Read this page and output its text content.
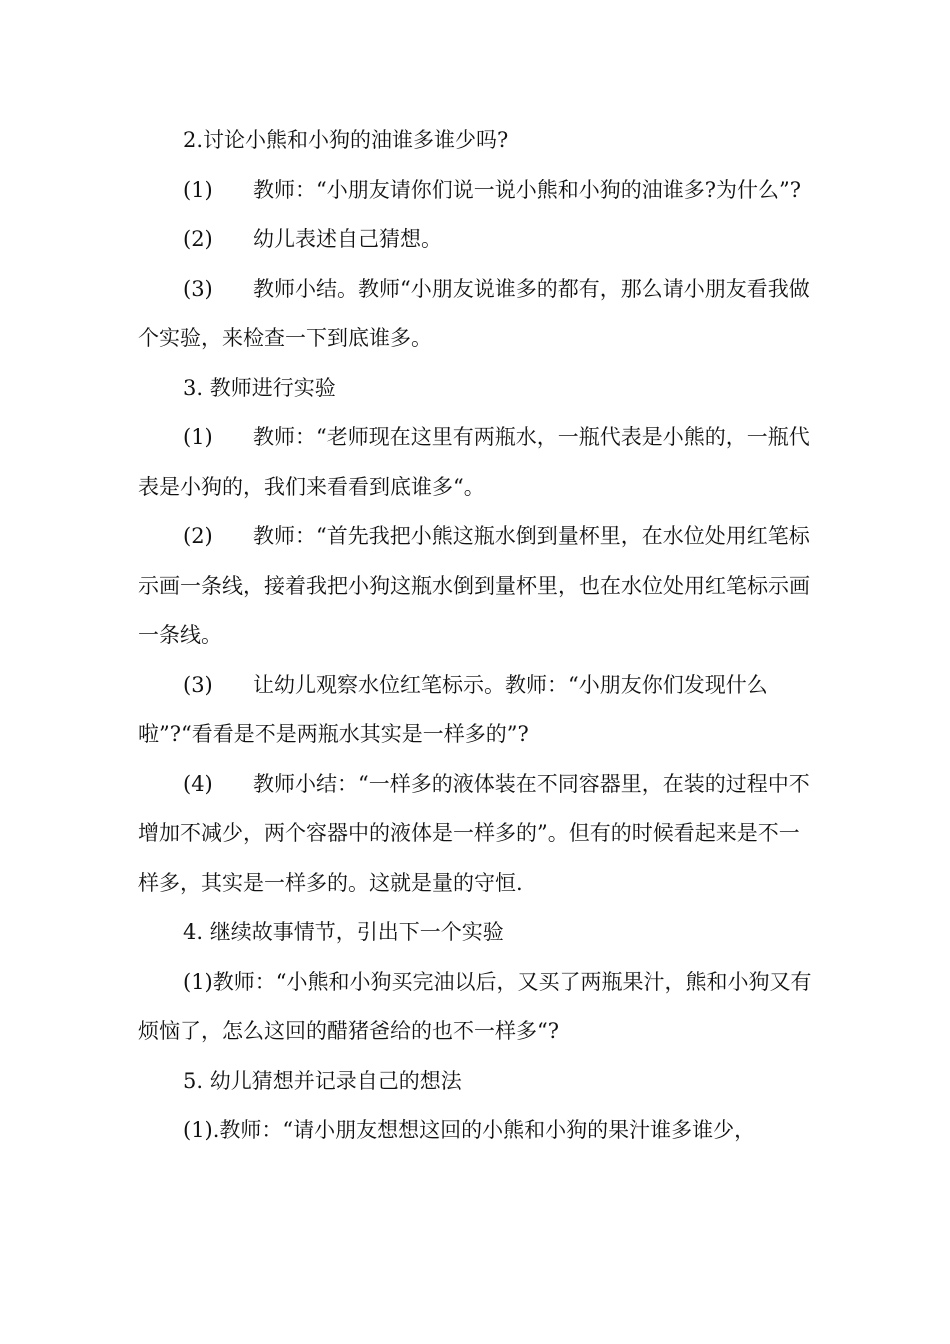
2.讨论小熊和小狗的油谁多谁少吗?

(1) 教师：“小朋友请你们说一说小熊和小狗的油谁多?为什么”?

(2) 幼儿表述自己猜想。

(3) 教师小结。教师“小朋友说谁多的都有，那么请小朋友看我做个实验，来检查一下到底谁多。

3. 教师进行实验

(1) 教师：“老师现在这里有两瓶水，一瓶代表是小熊的，一瓶代表是小狗的，我们来看看到底谁多“。

(2) 教师：“首先我把小熊这瓶水倒到量杯里，在水位处用红笔标示画一条线，接着我把小狗这瓶水倒到量杯里，也在水位处用红笔标示画一条线。

(3) 让幼儿观察水位红笔标示。教师：“小朋友你们发现什么啦”?“看看是不是两瓶水其实是一样多的”?

(4) 教师小结：“一样多的液体装在不同容器里，在装的过程中不增加不减少，两个容器中的液体是一样多的”。但有的时候看起来是不一样多，其实是一样多的。这就是量的守恒.

4. 继续故事情节，引出下一个实验

(1)教师：“小熊和小狗买完油以后，又买了两瓶果汁，熊和小狗又有烦恼了，怎么这回的醋猪爸给的也不一样多“?

5. 幼儿猜想并记录自己的想法

(1).教师：“请小朋友想想这回的小熊和小狗的果汁谁多谁少，
